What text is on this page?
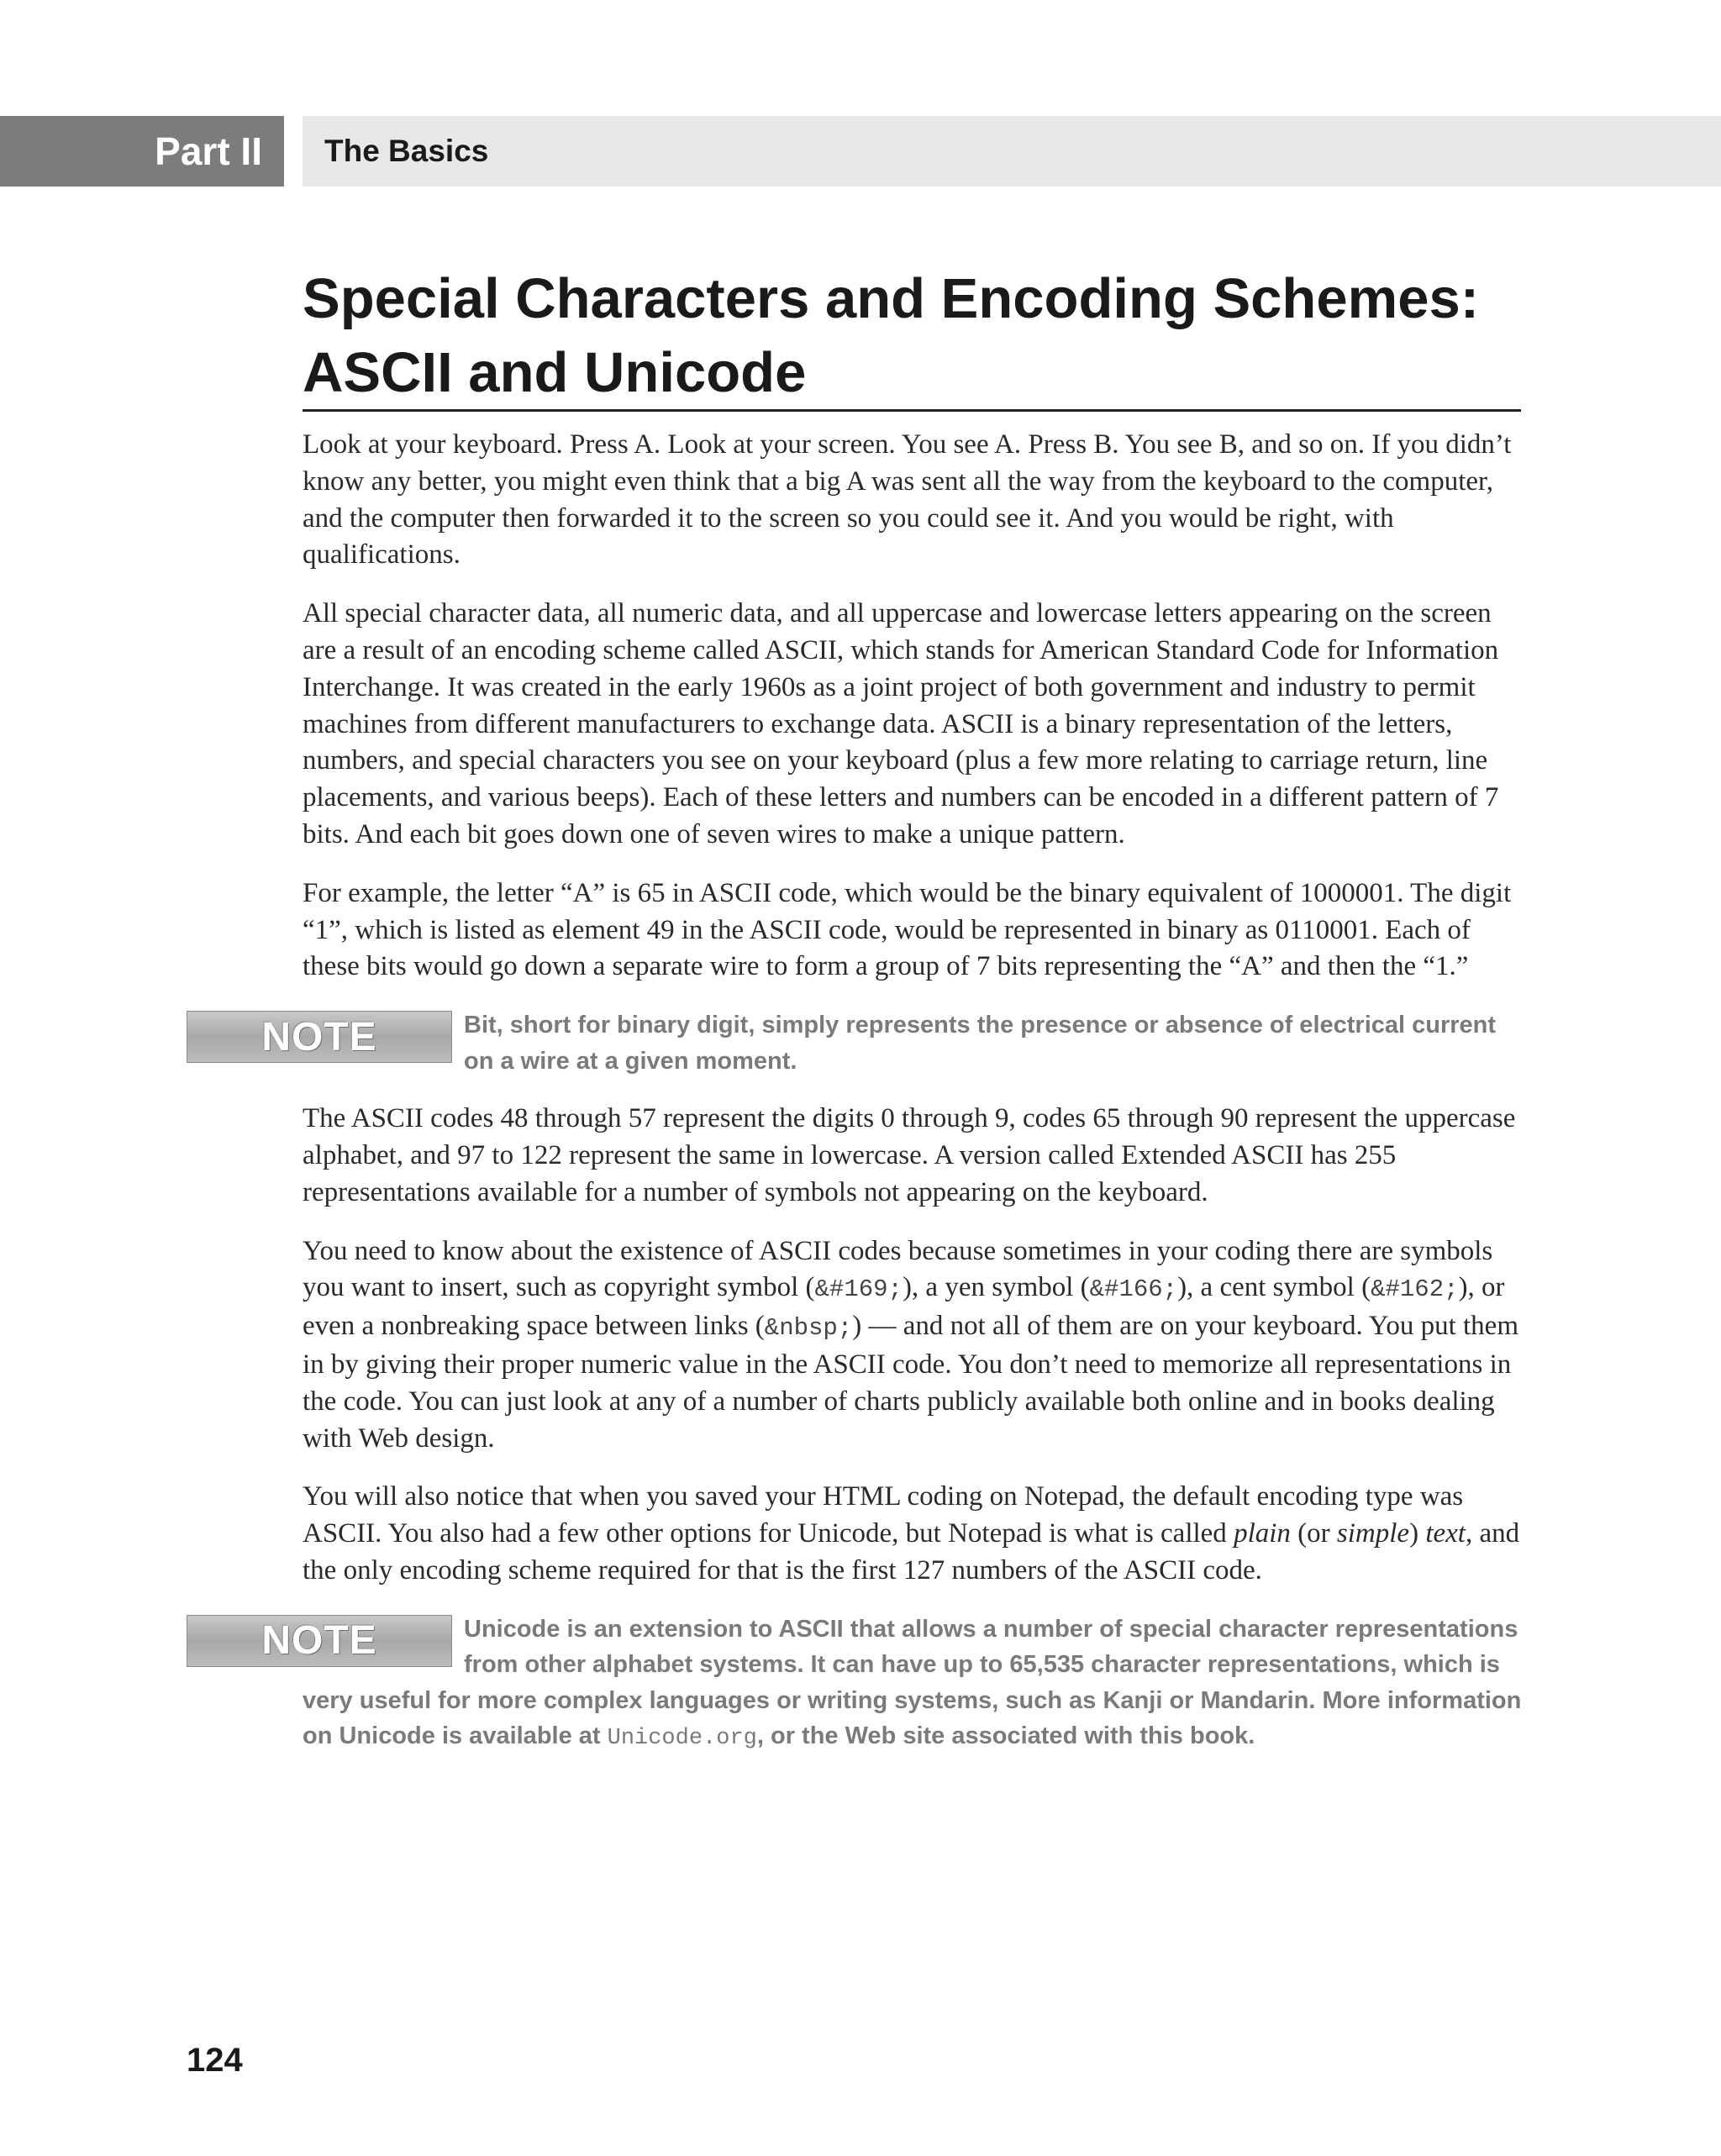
Part II The Basics
Special Characters and Encoding Schemes:
ASCII and Unicode

Look at your keyboard. Press A. Look at your screen. You see A. Press B. You see B, and so on. If you didn’t know any better, you might even think that a big A was sent all the way from the keyboard to the computer, and the computer then forwarded it to the screen so you could see it. And you would be right, with qualifications.

All special character data, all numeric data, and all uppercase and lowercase letters appearing on the screen are a result of an encoding scheme called ASCII, which stands for American Standard Code for Information Interchange. It was created in the early 1960s as a joint project of both government and industry to permit machines from different manufacturers to exchange data. ASCII is a binary representation of the letters, numbers, and special characters you see on your keyboard (plus a few more relating to carriage return, line placements, and various beeps). Each of these letters and numbers can be encoded in a different pattern of 7 bits. And each bit goes down one of seven wires to make a unique pattern.

For example, the letter “A” is 65 in ASCII code, which would be the binary equivalent of 1000001. The digit “1”, which is listed as element 49 in the ASCII code, would be represented in binary as 0110001. Each of these bits would go down a separate wire to form a group of 7 bits representing the “A” and then the “1.”

NOTE	Bit, short for binary digit, simply represents the presence or absence of electrical current on a wire at a given moment.

The ASCII codes 48 through 57 represent the digits 0 through 9, codes 65 through 90 represent the uppercase alphabet, and 97 to 122 represent the same in lowercase. A version called Extended ASCII has 255 representations available for a number of symbols not appearing on the keyboard.

You need to know about the existence of ASCII codes because sometimes in your coding there are symbols you want to insert, such as copyright symbol (&#169;), a yen symbol (&#166;), a cent symbol (&#162;), or even a nonbreaking space between links (&nbsp;) — and not all of them are on your keyboard. You put them in by giving their proper numeric value in the ASCII code. You don’t need to memorize all representations in the code. You can just look at any of a number of charts publicly available both online and in books dealing with Web design.

You will also notice that when you saved your HTML coding on Notepad, the default encoding type was ASCII. You also had a few other options for Unicode, but Notepad is what is called plain (or simple) text, and the only encoding scheme required for that is the first 127 numbers of the ASCII code.

NOTE	Unicode is an extension to ASCII that allows a number of special character representations from other alphabet systems. It can have up to 65,535 character representations, which is very useful for more complex languages or writing systems, such as Kanji or Mandarin. More information on Unicode is available at Unicode.org, or the Web site associated with this book.

124
